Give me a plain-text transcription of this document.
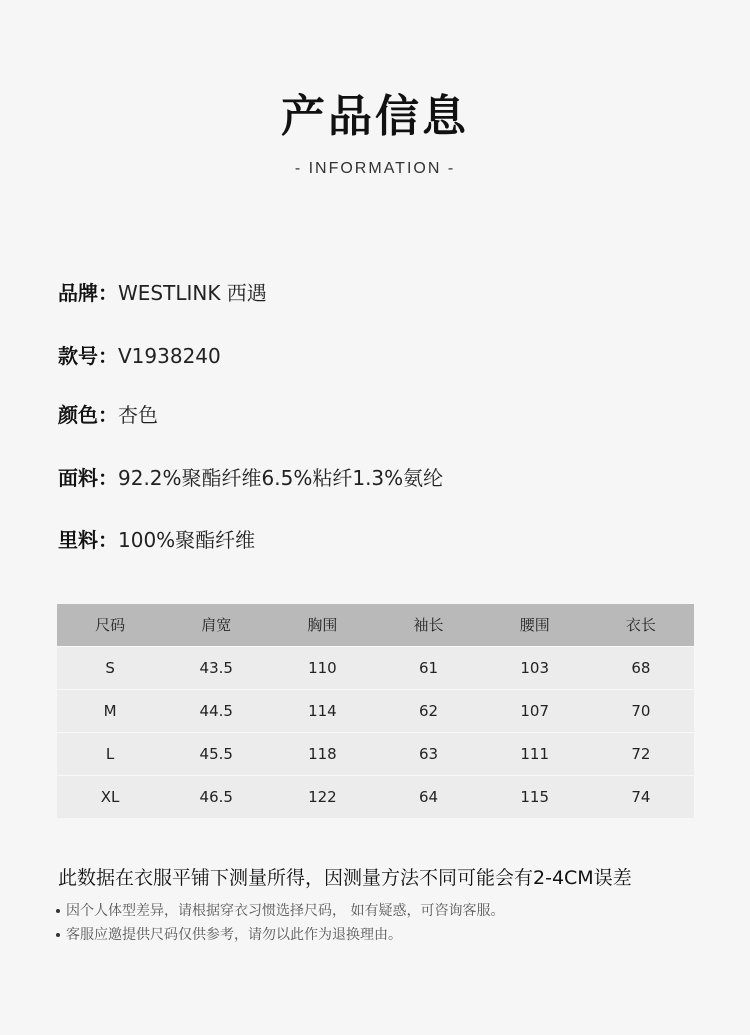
产品信息
- INFORMATION -
品牌：WESTLINK 西遇
款号：V1938240
颜色：杏色
面料：92.2%聚酯纤维6.5%粘纤1.3%氨纶
里料：100%聚酯纤维
尺码	肩宽	胸围	袖长	腰围	衣长
S	43.5	110	61	103	68
M	44.5	114	62	107	70
L	45.5	118	63	111	72
XL	46.5	122	64	115	74
此数据在衣服平铺下测量所得，因测量方法不同可能会有2-4CM误差
因个人体型差异，请根据穿衣习惯选择尺码， 如有疑惑，可咨询客服。
客服应邀提供尺码仅供参考，请勿以此作为退换理由。
